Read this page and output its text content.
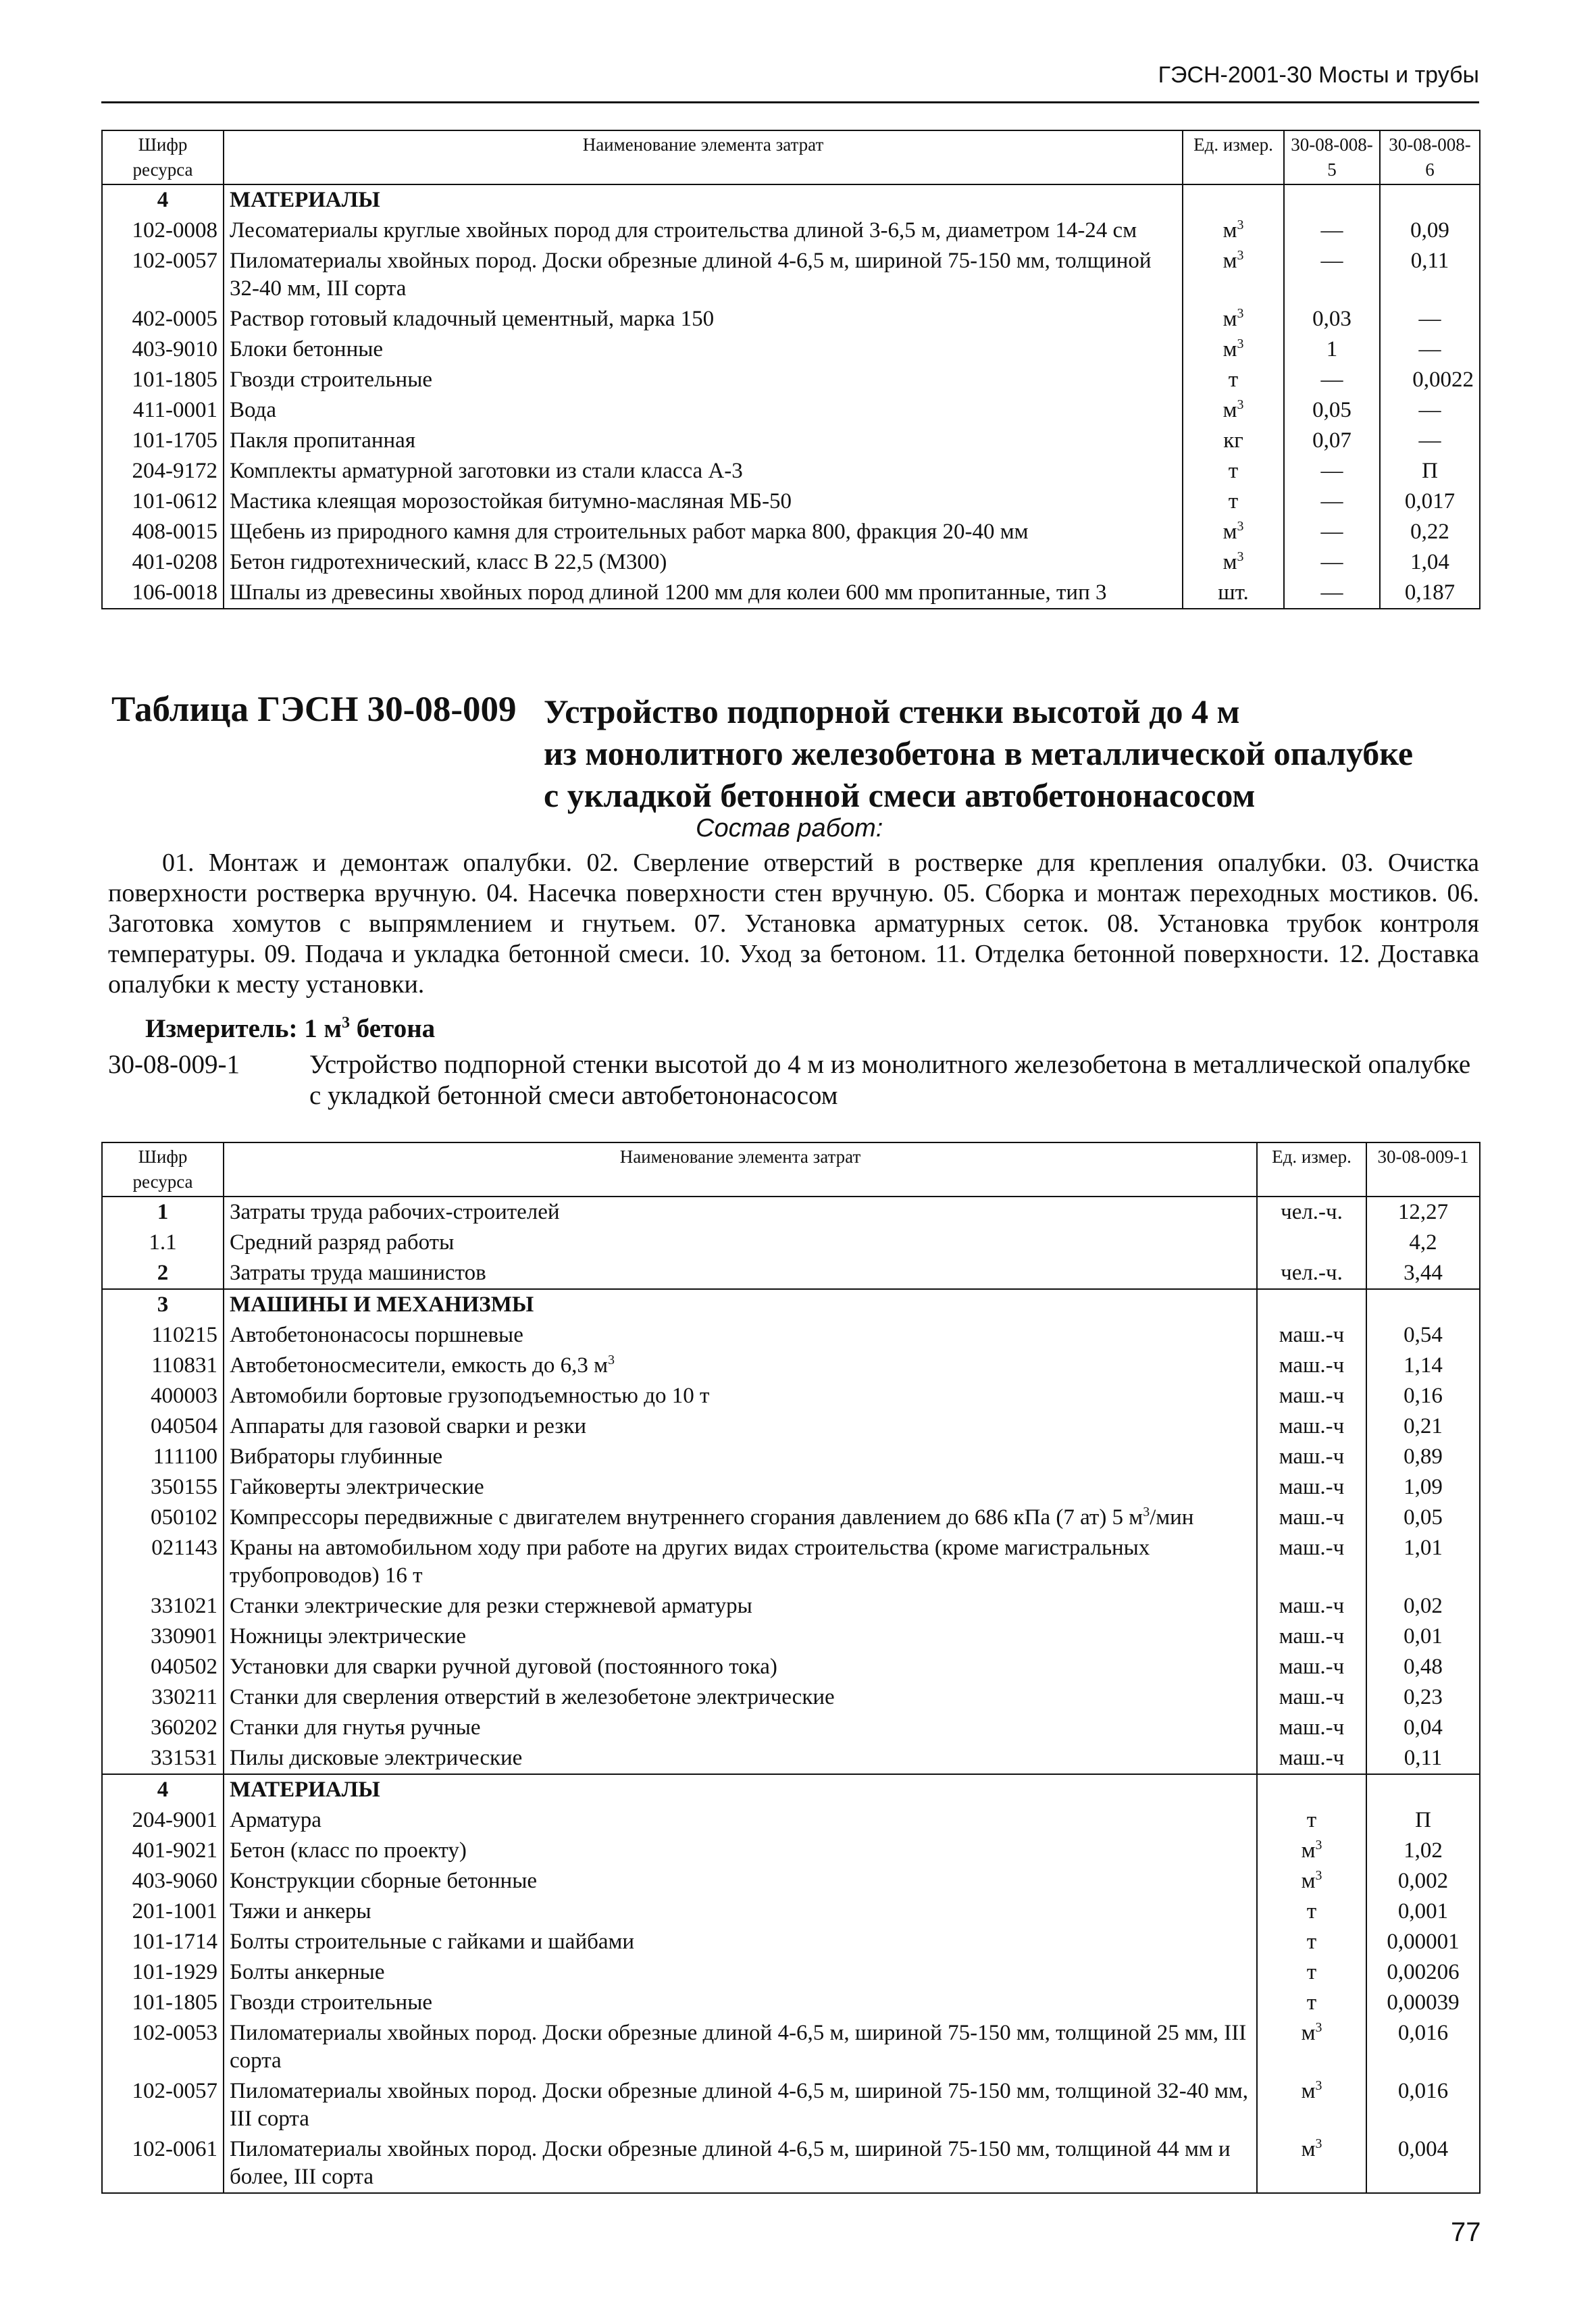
ГЭСН-2001-30 Мосты и трубы
Шифр ресурса	Наименование элемента затрат	Ед. измер.	30-08-008-5	30-08-008-6
4	МАТЕРИАЛЫ			
102-0008	Лесоматериалы круглые хвойных пород для строительства длиной 3-6,5 м, диаметром 14-24 см	$м^3$	—	0,09
102-0057	Пиломатериалы хвойных пород. Доски обрезные длиной 4-6,5 м, шириной 75-150 мм, толщиной 32-40 мм, III сорта	$м^3$	—	0,11
402-0005	Раствор готовый кладочный цементный, марка 150	$м^3$	0,03	—
403-9010	Блоки бетонные	$м^3$	1	—
101-1805	Гвозди строительные	т	—	0,0022
411-0001	Вода	$м^3$	0,05	—
101-1705	Пакля пропитанная	кг	0,07	—
204-9172	Комплекты арматурной заготовки из стали класса А-3	т	—	П
101-0612	Мастика клеящая морозостойкая битумно-масляная МБ-50	т	—	0,017
408-0015	Щебень из природного камня для строительных работ марка 800, фракция 20-40 мм	$м^3$	—	0,22
401-0208	Бетон гидротехнический, класс В 22,5 (М300)	$м^3$	—	1,04
106-0018	Шпалы из древесины хвойных пород длиной 1200 мм для колеи 600 мм пропитанные, тип 3	шт.	—	0,187
Таблица ГЭСН 30-08-009 Устройство подпорной стенки высотой до 4 м
из монолитного железобетона в металлической опалубке
с укладкой бетонной смеси автобетононасосом
Состав работ:
01. Монтаж и демонтаж опалубки. 02. Сверление отверстий в ростверке для крепления опалубки. 03. Очистка поверхности ростверка вручную. 04. Насечка поверхности стен вручную. 05. Сборка и монтаж переходных мостиков. 06. Заготовка хомутов с выпрямлением и гнутьем. 07. Установка арматурных сеток. 08. Установка трубок контроля температуры. 09. Подача и укладка бетонной смеси. 10. Уход за бетоном. 11. Отделка бетонной поверхности. 12. Доставка опалубки к месту установки.
Измеритель: 1 $м^3$ бетона
30-08-009-1	Устройство подпорной стенки высотой до 4 м из монолитного железобетона в металлической опалубке с укладкой бетонной смеси автобетононасосом
Шифр ресурса	Наименование элемента затрат	Ед. измер.	30-08-009-1
1	Затраты труда рабочих-строителей	чел.-ч.	12,27
1.1	Средний разряд работы		4,2
2	Затраты труда машинистов	чел.-ч.	3,44
3	МАШИНЫ И МЕХАНИЗМЫ		
110215	Автобетононасосы поршневые	маш.-ч	0,54
110831	Автобетоносмесители, емкость до 6,3 $м^3$	маш.-ч	1,14
400003	Автомобили бортовые грузоподъемностью до 10 т	маш.-ч	0,16
040504	Аппараты для газовой сварки и резки	маш.-ч	0,21
111100	Вибраторы глубинные	маш.-ч	0,89
350155	Гайковерты электрические	маш.-ч	1,09
050102	Компрессоры передвижные с двигателем внутреннего сгорания давлением до 686 кПа (7 ат) 5 $м^3$/мин	маш.-ч	0,05
021143	Краны на автомобильном ходу при работе на других видах строительства (кроме магистральных трубопроводов) 16 т	маш.-ч	1,01
331021	Станки электрические для резки стержневой арматуры	маш.-ч	0,02
330901	Ножницы электрические	маш.-ч	0,01
040502	Установки для сварки ручной дуговой (постоянного тока)	маш.-ч	0,48
330211	Станки для сверления отверстий в железобетоне электрические	маш.-ч	0,23
360202	Станки для гнутья ручные	маш.-ч	0,04
331531	Пилы дисковые электрические	маш.-ч	0,11
4	МАТЕРИАЛЫ		
204-9001	Арматура	т	П
401-9021	Бетон (класс по проекту)	$м^3$	1,02
403-9060	Конструкции сборные бетонные	$м^3$	0,002
201-1001	Тяжи и анкеры	т	0,001
101-1714	Болты строительные с гайками и шайбами	т	0,00001
101-1929	Болты анкерные	т	0,00206
101-1805	Гвозди строительные	т	0,00039
102-0053	Пиломатериалы хвойных пород. Доски обрезные длиной 4-6,5 м, шириной 75-150 мм, толщиной 25 мм, III сорта	$м^3$	0,016
102-0057	Пиломатериалы хвойных пород. Доски обрезные длиной 4-6,5 м, шириной 75-150 мм, толщиной 32-40 мм, III сорта	$м^3$	0,016
102-0061	Пиломатериалы хвойных пород. Доски обрезные длиной 4-6,5 м, шириной 75-150 мм, толщиной 44 мм и более, III сорта	$м^3$	0,004
77
